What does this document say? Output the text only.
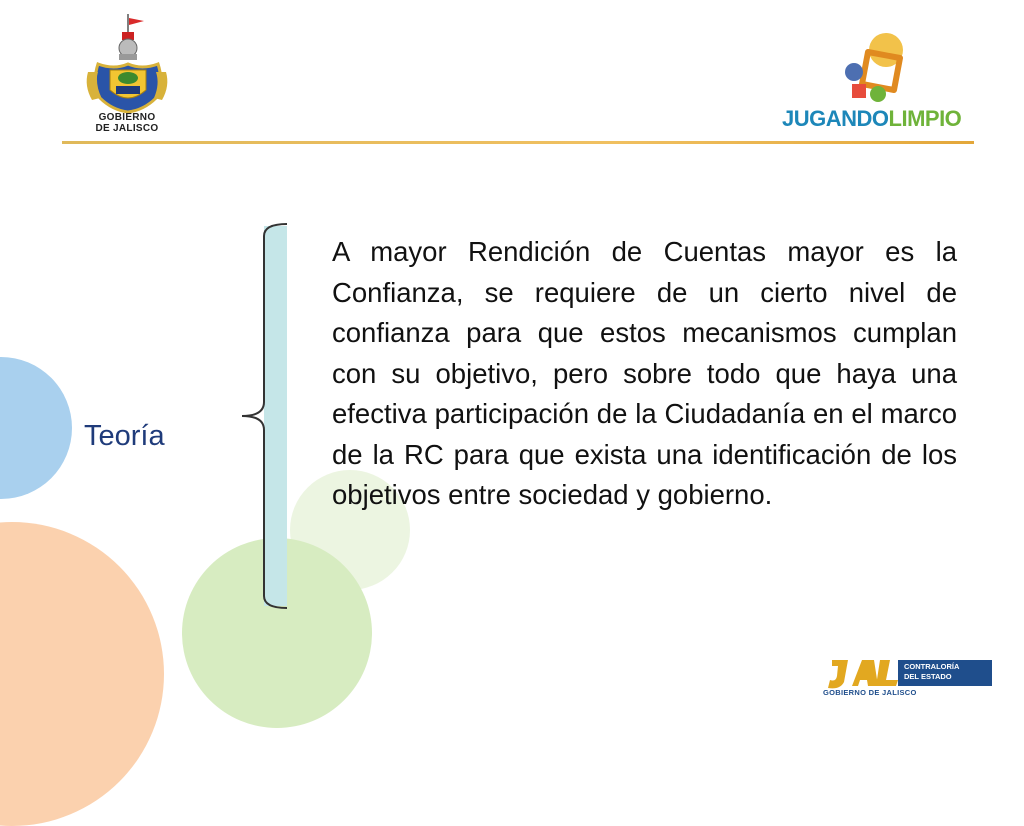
GOBIERNO
DE JALISCO	JUGANDOLIMPIO
Teoría
A mayor Rendición de Cuentas mayor es la Confianza, se requiere de un cierto nivel de confianza para que estos mecanismos cumplan con su objetivo, pero sobre todo que haya una efectiva participación de la Ciudadanía en el marco de la RC para que exista una identificación de los objetivos entre sociedad y gobierno.
CONTRALORÍA
DEL ESTADO
GOBIERNO DE JALISCO
